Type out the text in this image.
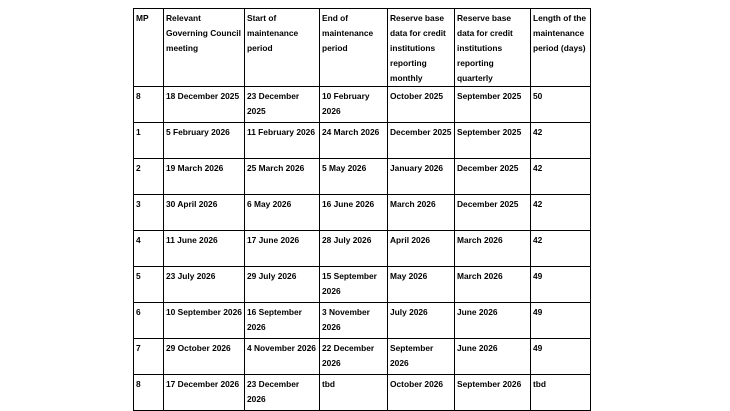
MP	Relevant Governing Council meeting	Start of maintenance period	End of maintenance period	Reserve base data for credit institutions reporting monthly	Reserve base data for credit institutions reporting quarterly	Length of the maintenance period (days)
8	18 December 2025	23 December 2025	10 February 2026	October 2025	September 2025	50
1	5 February 2026	11 February 2026	24 March 2026	December 2025	September 2025	42
2	19 March 2026	25 March 2026	5 May 2026	January 2026	December 2025	42
3	30 April 2026	6 May 2026	16 June 2026	March 2026	December 2025	42
4	11 June 2026	17 June 2026	28 July 2026	April 2026	March 2026	42
5	23 July 2026	29 July 2026	15 September 2026	May 2026	March 2026	49
6	10 September 2026	16 September 2026	3 November 2026	July 2026	June 2026	49
7	29 October 2026	4 November 2026	22 December 2026	September 2026	June 2026	49
8	17 December 2026	23 December 2026	tbd	October 2026	September 2026	tbd
